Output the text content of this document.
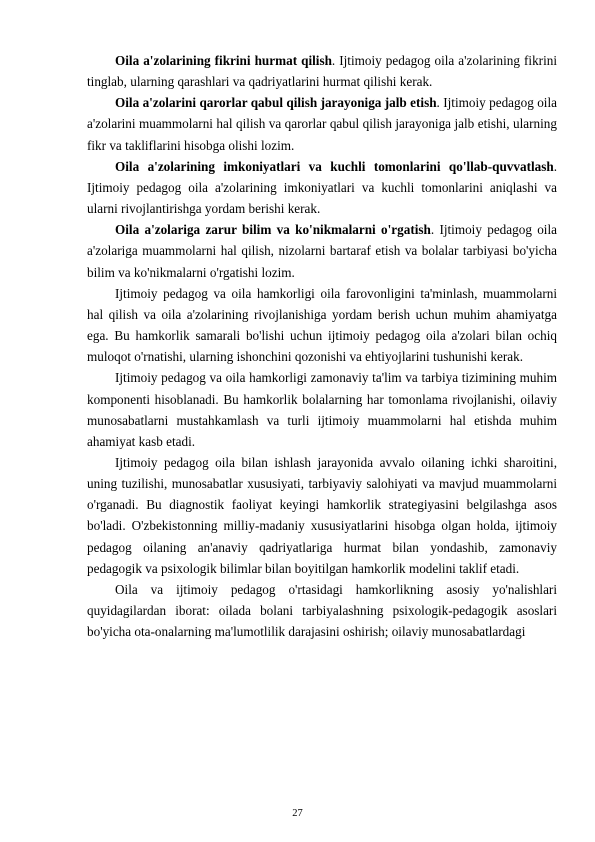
Oila a'zolarining fikrini hurmat qilish. Ijtimoiy pedagog oila a'zolarining fikrini tinglab, ularning qarashlari va qadriyatlarini hurmat qilishi kerak.

Oila a'zolarini qarorlar qabul qilish jarayoniga jalb etish. Ijtimoiy pedagog oila a'zolarini muammolarni hal qilish va qarorlar qabul qilish jarayoniga jalb etishi, ularning fikr va takliflarini hisobga olishi lozim.

Oila a'zolarining imkoniyatlari va kuchli tomonlarini qo'llab-quvvatlash. Ijtimoiy pedagog oila a'zolarining imkoniyatlari va kuchli tomonlarini aniqlashi va ularni rivojlantirishga yordam berishi kerak.

Oila a'zolariga zarur bilim va ko'nikmalarni o'rgatish. Ijtimoiy pedagog oila a'zolariga muammolarni hal qilish, nizolarni bartaraf etish va bolalar tarbiyasi bo'yicha bilim va ko'nikmalarni o'rgatishi lozim.

Ijtimoiy pedagog va oila hamkorligi oila farovonligini ta'minlash, muammolarni hal qilish va oila a'zolarining rivojlanishiga yordam berish uchun muhim ahamiyatga ega. Bu hamkorlik samarali bo'lishi uchun ijtimoiy pedagog oila a'zolari bilan ochiq muloqot o'rnatishi, ularning ishonchini qozonishi va ehtiyojlarini tushunishi kerak.

Ijtimoiy pedagog va oila hamkorligi zamonaviy ta'lim va tarbiya tizimining muhim komponenti hisoblanadi. Bu hamkorlik bolalarning har tomonlama rivojlanishi, oilaviy munosabatlarni mustahkamlash va turli ijtimoiy muammolarni hal etishda muhim ahamiyat kasb etadi.

Ijtimoiy pedagog oila bilan ishlash jarayonida avvalo oilaning ichki sharoitini, uning tuzilishi, munosabatlar xususiyati, tarbiyaviy salohiyati va mavjud muammolarni o'rganadi. Bu diagnostik faoliyat keyingi hamkorlik strategiyasini belgilashga asos bo'ladi. O'zbekistonning milliy-madaniy xususiyatlarini hisobga olgan holda, ijtimoiy pedagog oilaning an'anaviy qadriyatlariga hurmat bilan yondashib, zamonaviy pedagogik va psixologik bilimlar bilan boyitilgan hamkorlik modelini taklif etadi.

Oila va ijtimoiy pedagog o'rtasidagi hamkorlikning asosiy yo'nalishlari quyidagilardan iborat: oilada bolani tarbiyalashning psixologik-pedagogik asoslari bo'yicha ota-onalarning ma'lumotlilik darajasini oshirish; oilaviy munosabatlardagi

27
